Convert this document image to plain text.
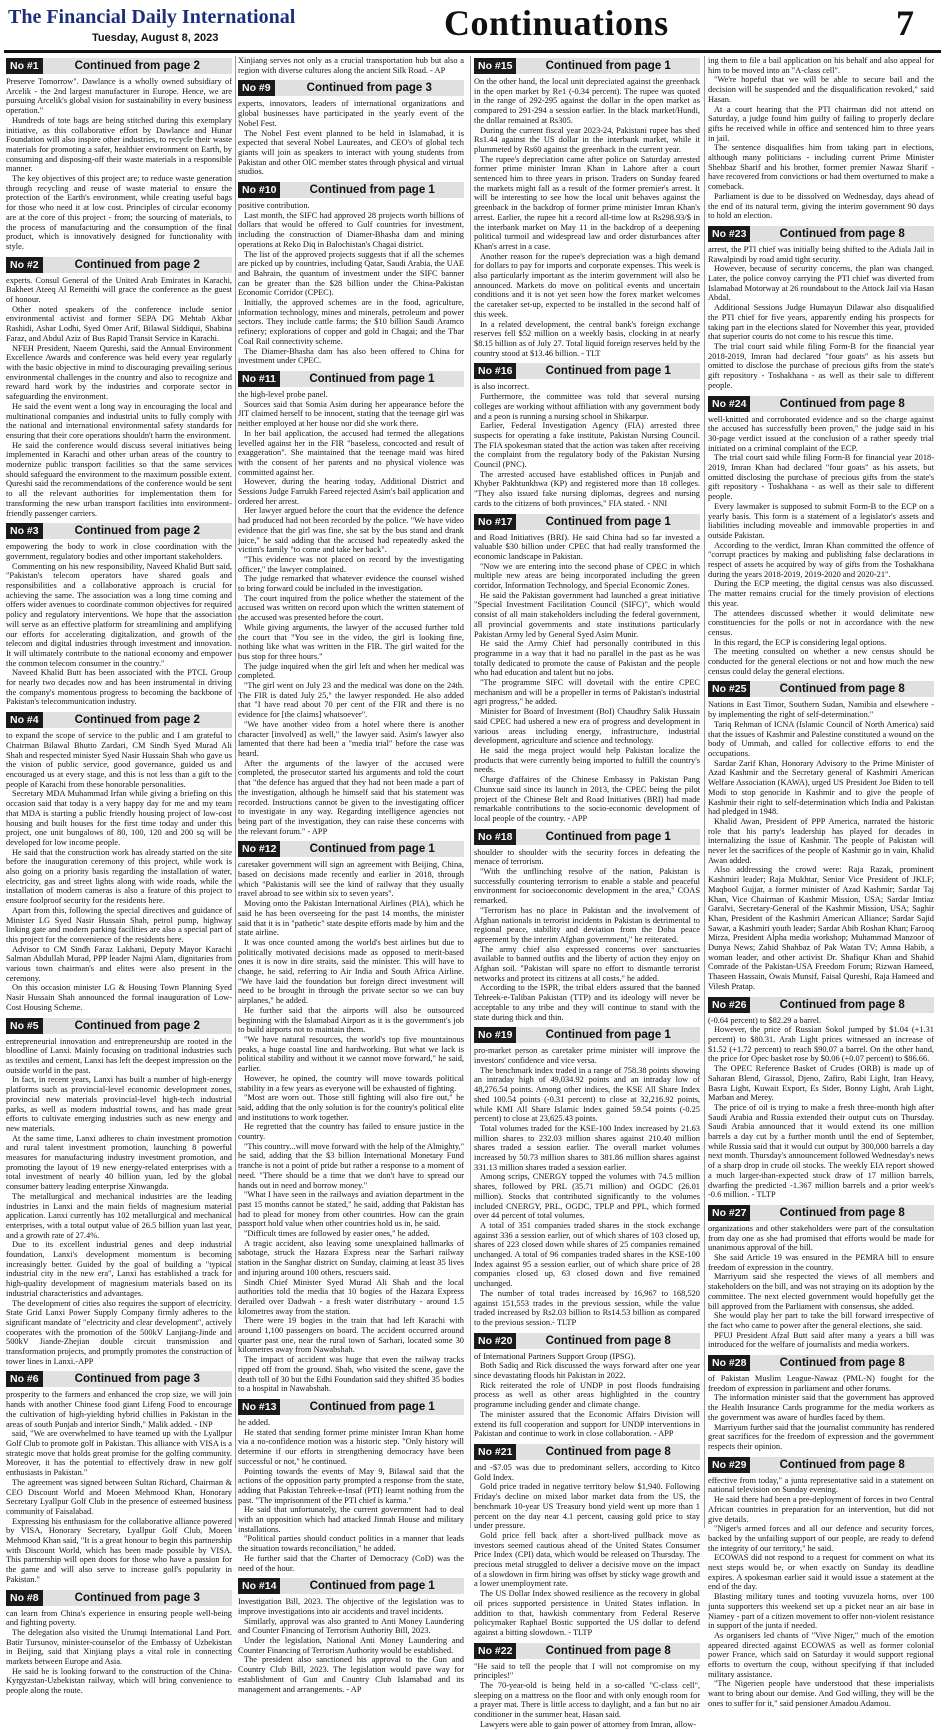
The Financial Daily International
Tuesday, August 8, 2023	Continuations	7
No #1	Continued from page 2

Preserve Tomorrow". Dawlance is a wholly owned subsidiary of Arcelik - the 2nd largest manufacturer in Europe. Hence, we are pursuing Arcelik's global vision for sustainability in every business operation."

Hundreds of tote bags are being stitched during this exemplary initiative, as this collaborative effort by Dawlance and Hunar Foundation will also inspire other industries, to recycle their waste materials for promoting a safer, healthier environment on Earth, by consuming and disposing-off their waste materials in a responsible manner.

The key objectives of this project are; to reduce waste generation through recycling and reuse of waste material to ensure the protection of the Earth's environment, while creating useful bags for those who need it at low cost. Principles of circular economy are at the core of this project - from; the sourcing of materials, to the process of manufacturing and the consumption of the final product, which is innovatively designed for functionality with style.

No #2	Continued from page 2

experts. Consul General of the United Arab Emirates in Karachi, Bakheet Ateeq Al Remeithi will grace the conference as the guest of honour.

Other noted speakers of the conference include senior environmental activist and former SEPA DG Mehtab Akbar Rashidi, Ashar Lodhi, Syed Omer Arif, Bilawal Siddiqui, Shabina Faraz, and Abdul Aziz of Bus Rapid Transit Service in Karachi.

NFEH President, Naeem Qureshi, said the Annual Environment Excellence Awards and conference was held every year regularly with the basic objective in mind to discouraging prevailing serious environmental challenges in the country and also to recognize and reward hard work by the industries and corporate sector in safeguarding the environment.

He said the event went a long way in encouraging the local and multinational companies and industrial units to fully comply with the national and international environmental safety standards for ensuring that their core operations shouldn't harm the environment.

He said the conference would discuss several initiatives being implemented in Karachi and other urban areas of the country to modernize public transport facilities so that the same services should safeguard the environment to the maximum possible extent. Qureshi said the recommendations of the conference would be sent to all the relevant authorities for implementation them for transforming the new urban transport facilities into environment-friendly passenger carriers.

No #3	Continued from page 2

empowering the body to work in close coordination with the government, regulatory bodies and other important stakeholders.

Commenting on his new responsibility, Naveed Khalid Butt said, "Pakistan's telecom operators have shared goals and responsibilities and a collaborative approach is crucial for achieving the same. The association was a long time coming and offers wider avenues to coordinate common objectives for required policy and regulatory interventions. We hope that the association will serve as an effective platform for streamlining and amplifying our efforts for accelerating digitalization, and growth of the telecom and digital industries through investment and innovation. It will ultimately contribute to the national economy and empower the common telecom consumer in the country."

Naveed Khalid Butt has been associated with the PTCL Group for nearly two decades now and has been instrumental in driving the company's momentous progress to becoming the backbone of Pakistan's telecommunication industry.

No #4	Continued from page 2

to expand the scope of service to the public and I am grateful to Chairman Bilawal Bhutto Zardari, CM Sindh Syed Murad Ali Shah and respected minister Syed Nasir Hussain Shah who gave us the vision of public service, good governance, guided us and encouraged us at every stage, and this is not less than a gift to the people of Karachi from these honorable personalities.

Secretary MDA Muhammad Irfan while giving a briefing on this occasion said that today is a very happy day for me and my team that MDA is starting a public friendly housing project of low-cost housing and built houses for the first time today and under this project, one unit bungalows of 80, 100, 120 and 200 sq will be developed for low income people.

He said that the construction work has already started on the site before the inauguration ceremony of this project, while work is also going on a priority basis regarding the installation of water, electricity, gas and street lights along with wide roads, while the installation of modern cameras is also a feature of this project to ensure foolproof security for the residents here.

Apart from this, following the special directives and guidance of Minister LG Syed Nasir Hussain Shah, petrol pump, highway linking gate and modern parking facilities are also a special part of this project for the convenience of the residents here.

Advisor to CM Sindh Faraz Lakhani, Deputy Mayor Karachi Salman Abdullah Murad, PPP leader Najmi Alam, dignitaries from various town chairman's and elites were also present in the ceremony.

On this occasion minister LG & Housing Town Planning Syed Nasir Hussain Shah announced the formal inauguration of Low-Cost Housing Scheme.

No #5	Continued from page 2

entrepreneurial innovation and entrepreneurship are rooted in the bloodline of Lanxi. Mainly focusing on traditional industries such as textiles and cement, Lanxi has left the deepest impression on the outside world in the past.

In fact, in recent years, Lanxi has built a number of high-energy platforms such as provincial-level economic development zones, provincial new materials provincial-level high-tech industrial parks, as well as modern industrial towns, and has made great efforts to cultivate emerging industries such as new energy and new materials.

At the same time, Lanxi adheres to chain investment promotion and rural talent investment promotion, launching 8 powerful measures for manufacturing industry investment promotion, and promoting the layout of 19 new energy-related enterprises with a total investment of nearly 40 billion yuan, led by the global consumer battery leading enterprise Xinwangda.

The metallurgical and mechanical industries are the leading industries in Lanxi and the main fields of magnesium material application. Lanxi currently has 102 metallurgical and mechanical enterprises, with a total output value of 26.5 billion yuan last year, and a growth rate of 27.4%.

Due to its excellent industrial genes and deep industrial foundation, Lanxi's development momentum is becoming increasingly better. Guided by the goal of building a "typical industrial city in the new era", Lanxi has established a track for high-quality development of magnesium materials based on its industrial characteristics and advantages.

The development of cities also requires the support of electricity. State Grid Lanxi Power Supply Company firmly adheres to the significant mandate of "electricity and clear development", actively cooperates with the promotion of the 500kV Lanjiang-Jinde and 500kV Jiande-Zhejian double circuit transmission and transformation projects, and promptly promotes the construction of tower lines in Lanxi.-APP

No #6	Continued from page 3

prosperity to the farmers and enhanced the crop size, we will join hands with another Chinese food giant Lifeng Food to encourage the cultivation of high-yielding hybrid chillies in Pakistan in the areas of south Punjab and interior Sindh," Malik added. - INP

said, "We are overwhelmed to have teamed up with the Lyallpur Golf Club to promote golf in Pakistan. This alliance with VISA is a strategic move that holds great promise for the golfing community. Moreover, it has the potential to effectively draw in new golf enthusiasts in Pakistan."

The agreement was signed between Sultan Richard, Chairman & CEO Discount World and Moeen Mehmood Khan, Honorary Secretary Lyallpur Golf Club in the presence of esteemed business community of Faisalabad.

Expressing his enthusiasm for the collaborative alliance powered by VISA, Honorary Secretary, Lyallpur Golf Club, Moeen Mehmood Khan said, "It is a great honour to begin this partnership with Discount World, which has been made possible by VISA. This partnership will open doors for those who have a passion for the game and will also serve to increase golf's popularity in Pakistan."

No #8	Continued from page 3

can learn from China's experience in ensuring people well-being and fighting poverty.

The delegation also visited the Urumqi International Land Port. Batir Tursunov, minister-counselor of the Embassy of Uzbekistan in Beijing, said that Xinjiang plays a vital role in connecting markets between Europe and Asia.

He said he is looking forward to the construction of the China-Kyrgyzstan-Uzbekistan railway, which will bring convenience to people along the route.

Xinjiang serves not only as a crucial transportation hub but also a region with diverse cultures along the ancient Silk Road. - AP

No #9	Continued from page 3

experts, innovators, leaders of international organizations and global businesses have participated in the yearly event of the Nobel Fest.

The Nobel Fest event planned to be held in Islamabad, it is expected that several Nobel Laureates, and CEO's of global tech giants will join as speakers to interact with young students from Pakistan and other OIC member states through physical and virtual studios.

No #10	Continued from page 1

positive contribution.

Last month, the SIFC had approved 28 projects worth billions of dollars that would be offered to Gulf countries for investment, including the construction of Diamer-Bhasha dam and mining operations at Reko Diq in Balochistan's Chagai district.

The list of the approved projects suggests that if all the schemes are picked up by countries, including Qatar, Saudi Arabia, the UAE and Bahrain, the quantum of investment under the SIFC banner can be greater than the $28 billion under the China-Pakistan Economic Corridor (CPEC).

Initially, the approved schemes are in the food, agriculture, information technology, mines and minerals, petroleum and power sectors. They include cattle farms; the $10 billion Saudi Aramco refinery; explorations of copper and gold in Chagai; and the Thar Coal Rail connectivity scheme.

The Diamer-Bhasha dam has also been offered to China for investment under CPEC.

No #11	Continued from page 1

the high-level probe panel.

Sources said that Somia Asim during her appearance before the JIT claimed herself to be innocent, stating that the teenage girl was neither employed at her house nor did she work there.

In her bail application, the accused had termed the allegations levelled against her in the FIR "baseless, concocted and result of exaggeration". She maintained that the teenage maid was hired with the consent of her parents and no physical violence was committed against her.

However, during the hearing today, Additional District and Sessions Judge Farrukh Fareed rejected Asim's bail application and ordered her arrest.

Her lawyer argued before the court that the evidence the defence had produced had not been recorded by the police. "We have video evidence that the girl was fine, she sat by the bus stand and drank juice," he said adding that the accused had repeatedly asked the victim's family "to come and take her back".

"This evidence was not placed on record by the investigating officer," the lawyer complained.

The judge remarked that whatever evidence the counsel wished to bring forward could be included in the investigation.

The court inquired from the police whether the statement of the accused was written on record upon which the written statement of the accused was presented before the court.

While giving arguments, the lawyer of the accused further told the court that "You see in the video, the girl is looking fine, nothing like what was written in the FIR. The girl waited for the bus stop for three hours."

The judge inquired when the girl left and when her medical was completed.

"The girl went on July 23 and the medical was done on the 24th. The FIR is dated July 25," the lawyer responded. He also added that "I have read about 70 per cent of the FIR and there is no evidence for [the claims] whatsoever".

"We have another video from a hotel where there is another character [involved] as well," the lawyer said. Asim's lawyer also lamented that there had been a "media trial" before the case was heard.

After the arguments of the lawyer of the accused were completed, the prosecutor started his arguments and told the court that "the defence has argued that they had not been made a part of the investigation, although he himself said that his statement was recorded. Instructions cannot be given to the investigating officer to investigate in any way. Regarding intelligence agencies not being part of the investigation, they can raise these concerns with the relevant forum." - APP

No #12	Continued from page 1

caretaker government will sign an agreement with Beijing, China, based on decisions made recently and earlier in 2018, through which "Pakistanis will see the kind of railway that they usually travel abroad to see within six to seven years".

Moving onto the Pakistan International Airlines (PIA), which he said he has been overseeing for the past 14 months, the minister said that it is in "pathetic" state despite efforts made by him and the state airline.

It was once counted among the world's best airlines but due to politically motivated decisions made as opposed to merit-based ones it is now in dire straits, said the minister. This will have to change, he said, referring to Air India and South Africa Airline. "We have laid the foundation but foreign direct investment will need to be brought in through the private sector so we can buy airplanes," he added.

He further said that the airports will also be outsourced beginning with the Islamabad Airport as it is the government's job to build airports not to maintain them.

"We have natural resources, the world's top five mountainous peaks, a huge coastal line and hardworking. But what we lack is political stability and without it we cannot move forward," he said, earlier.

However, he opined, the country will move towards political stability in a few years as everyone will be exhausted of fighting.

"Most are worn out. Those still fighting will also fire out," he said, adding that the only solution is for the country's political elite and institutions to work together.

He regretted that the country has failed to ensure justice in the country.

"This country...will move forward with the help of the Almighty," he said, adding that the $3 billion International Monetary Fund tranche is not a point of pride but rather a response to a moment of need. "There should be a time that we don't have to spread our hands out in need and borrow money."

"What I have seen in the railways and aviation department in the past 15 months cannot be stated," he said, adding that Pakistan has had to plead for money from other countries. How can the grain passport hold value when other countries hold us in, he said.

"Difficult times are followed by easier ones," he added.

A tragic accident, also leaving some unexplained hallmarks of sabotage, struck the Hazara Express near the Sarhari railway station in the Sanghar district on Sunday, claiming at least 35 lives and injuring around 100 others, rescuers said.

Sindh Chief Minister Syed Murad Ali Shah and the local authorities told the media that 10 bogies of the Hazara Express derailed over Dadwah - a fresh water distributary - around 1.5 kilometres away from the station.

There were 19 bogies in the train that had left Karachi with around 1,100 passengers on board. The accident occurred around quarter past one, near the rural town of Sarhari, located some 30 kilometres away from Nawabshah.

The impact of accident was huge that even the railway tracks ripped off from the ground. Shah, who visited the scene, gave the death toll of 30 but the Edhi Foundation said they shifted 35 bodies to a hospital in Nawabshah.

No #13	Continued from page 1

he added.

He stated that sending former prime minister Imran Khan home via a no-confidence motion was a historic step. "Only history will determine if our efforts in strengthening democracy have been successful or not," he continued.

Pointing towards the events of May 9, Bilawal said that the actions of the opposition party prompted a response from the state, adding that Pakistan Tehreek-e-Insaf (PTI) learnt nothing from the past. "The imprisonment of the PTI chief is karma."

He said that unfortunately, the current government had to deal with an opposition which had attacked Jinnah House and military installations.

"Political parties should conduct politics in a manner that leads the situation towards reconciliation," he added.

He further said that the Charter of Democracy (CoD) was the need of the hour.

No #14	Continued from page 1

Investigation Bill, 2023. The objective of the legislation was to improve investigations into air accidents and travel incidents.

Similarly, approval was also granted to Anti Money Laundering and Counter Financing of Terrorism Authority Bill, 2023.

Under the legislation, National Anti Money Laundering and Counter Financing of Terrorism Authority would be established.

The president also sanctioned his approval to the Gun and Country Club Bill, 2023. The legislation would pave way for establishment of Gun and Country Club Islamabad and its management and arrangements. - AP

No #15	Continued from page 1

On the other hand, the local unit depreciated against the greenback in the open market by Re1 (-0.34 percent). The rupee was quoted in the range of 292-295 against the dollar in the open market as compared to 291-294 a session earlier. In the black market/Hundi, the dollar remained at Rs305.

During the current fiscal year 2023-24, Pakistani rupee has shed Rs1.44 against the US dollar in the interbank market, while it plummeted by Rs60 against the greenback in the current year.

The rupee's depreciation came after police on Saturday arrested former prime minister Imran Khan in Lahore after a court sentenced him to three years in prison. Traders on Sunday feared the markets might fall as a result of the former premier's arrest. It will be interesting to see how the local unit behaves against the greenback in the backdrop of former prime minister Imran Khan's arrest. Earlier, the rupee hit a record all-time low at Rs298.93/$ in the interbank market on May 11 in the backdrop of a deepening political turmoil and widespread law and order disturbances after Khan's arrest in a case.

Another reason for the rupee's depreciation was a high demand for dollars to pay for imports and corporate expenses. This week is also particularly important as the interim government will also be announced. Markets do move on political events and uncertain conditions and it is not yet seen how the forex market welcomes the caretaker set-up, expected to be installed in the second half of this week.

In a related development, the central bank's foreign exchange reserves fell $52 million on a weekly basis, clocking in at nearly $8.15 billion as of July 27. Total liquid foreign reserves held by the country stood at $13.46 billion. - TLT

No #16	Continued from page 1

is also incorrect.

Furthermore, the committee was told that several nursing colleges are working without affiliation with any government body and a peon is running a nursing school in Shikarpur.

Earlier, Federal Investigation Agency (FIA) arrested three suspects for operating a fake institute, Pakistan Nursing Council. The FIA spokesman stated that the action was taken after receiving the complaint from the regulatory body of the Pakistan Nursing Council (PNC).

The arrested accused have established offices in Punjab and Khyber Pakhtunkhwa (KP) and registered more than 18 colleges. "They also issued fake nursing diplomas, degrees and nursing cards to the citizens of both provinces," FIA stated. - NNI

No #17	Continued from page 1

and Road Initiatives (BRI). He said China had so far invested a valuable $30 billion under CPEC that had really transformed the economic landscape in Pakistan.

"Now we are entering into the second phase of CPEC in which multiple new areas are being incorporated including the green corridor, Information Technology, and Special Economic Zones.

He said the Pakistan government had launched a great initiative "Special Investment Facilitation Council (SIFC)", which would consist of all main stakeholders including the federal government, all provincial governments and state institutions particularly Pakistan Army led by General Syed Asim Munir.

He said the Army Chief had personally contributed in this programme in a way that it had no parallel in the past as he was totally dedicated to promote the cause of Pakistan and the people who had education and talent but no jobs.

"The programme SIFC will dovetail with the entire CPEC mechanism and will be a propeller in terms of Pakistan's industrial agri progress," he added.

Minister for Board of Investment (BoI) Chaudhry Salik Hussain said CPEC had ushered a new era of progress and development in various areas including energy, infrastructure, industrial development, agriculture and science and technology.

He said the mega project would help Pakistan localize the products that were currently being imported to fulfill the country's needs.

Charge d'affaires of the Chinese Embassy in Pakistan Pang Chunxue said since its launch in 2013, the CPEC being the pilot project of the Chinese Belt and Road Initiatives (BRI) had made remarkable contributions to the socio-economic development of local people of the country. - APP

No #18	Continued from page 1

shoulder to shoulder with the security forces in defeating the menace of terrorism.

"With the unflinching resolve of the nation, Pakistan is successfully countering terrorism to enable a stable and peaceful environment for socioeconomic development in the area," COAS remarked.

"Terrorism has no place in Pakistan and the involvement of Afghan nationals in terrorist incidents in Pakistan is detrimental to regional peace, stability and deviation from the Doha peace agreement by the interim Afghan government," he reiterated.

The army chief also expressed concerns over sanctuaries available to banned outfits and the liberty of action they enjoy on Afghan soil. "Pakistan will spare no effort to dismantle terrorist networks and protect its citizens at all costs," he added.

According to the ISPR, the tribal elders assured that the banned Tehreek-e-Taliban Pakistan (TTP) and its ideology will never be acceptable to any tribe and they will continue to stand with the state during thick and thin.

No #19	Continued from page 1

pro-market person as caretaker prime minister will improve the investors' confidence and vice versa.

The benchmark index traded in a range of 758.38 points showing an intraday high of 49,034.92 points and an intraday low of 48,276.54 points. Among other indices, the KSE All Share Index shed 100.54 points (-0.31 percent) to close at 32,216.92 points, while KMI All Share Islamic Index gained 59.54 points (-0.25 percent) to close at 23,625.43 points.

Total volumes traded for the KSE-100 Index increased by 21.63 million shares to 232.03 million shares against 210.40 million shares traded a session earlier. The overall market volumes increased by 50.73 million shares to 381.86 million shares against 331.13 million shares traded a session earlier.

Among scrips, CNERGY topped the volumes with 74.5 million shares, followed by PRL (35.71 million) and OGDC (26.01 million). Stocks that contributed significantly to the volumes included CNERGY, PRL, OGDC, TPLP and PPL, which formed over 44 percent of total volumes.

A total of 351 companies traded shares in the stock exchange against 336 a session earlier, out of which shares of 103 closed up, shares of 223 closed down while shares of 25 companies remained unchanged. A total of 96 companies traded shares in the KSE-100 Index against 95 a session earlier, out of which share price of 28 companies closed up, 63 closed down and five remained unchanged.

The number of total trades increased by 16,967 to 168,520 against 151,553 trades in the previous session, while the value traded increased by Rs2.03 billion to Rs14.53 billion as compared to the previous session.- TLTP

No #20	Continued from page 8

of International Partners Support Group (IPSG).

Both Sadiq and Rick discussed the ways forward after one year since devastating floods hit Pakistan in 2022.

Rick reiterated the role of UNDP in post floods fundraising process as well as other areas highlighted in the country programme including gender and climate change.

The minister assured that the Economic Affairs Division will extend its full cooperation and support for UNDP interventions in Pakistan and continue to work in close collaboration. - APP

No #21	Continued from page 8

and -$7.05 was due to predominant sellers, according to Kitco Gold Index.

Gold price traded in negative territory below $1,940. Following Friday's decline on mixed labor market data from the US, the benchmark 10-year US Treasury bond yield went up more than 1 percent on the day near 4.1 percent, causing gold price to stay under pressure.

Gold price fell back after a short-lived pullback move as investors seemed cautious ahead of the United States Consumer Price Index (CPI) data, which would be released on Thursday. The precious metal struggled to deliver a decisive move on the impact of a slowdown in firm hiring was offset by sticky wage growth and a lower unemployment rate.

The US Dollar Index showed resilience as the recovery in global oil prices supported persistence in United States inflation. In addition to that, hawkish commentary from Federal Reserve policymaker Raphael Bostic supported the US dollar to defend against a bitting slowdown. - TLTP

No #22	Continued from page 8

"He said to tell the people that I will not compromise on my principles!"

The 70-year-old is being held in a so-called "C-class cell", sleeping on a mattress on the floor and with only enough room for a prayer mat. There is little access to daylight, and a fan but no air conditioner in the summer heat, Hasan said.

Lawyers were able to gain power of attorney from Imran, allow-

ing them to file a bail application on his behalf and also appeal for him to be moved into an "A-class cell".

"We're hopeful that we will be able to secure bail and the decision will be suspended and the disqualification revoked," said Hasan.

At a court hearing that the PTI chairman did not attend on Saturday, a judge found him guilty of failing to properly declare gifts he received while in office and sentenced him to three years in jail.

The sentence disqualifies him from taking part in elections, although many politicians - including current Prime Minister Shehbaz Sharif and his brother, former premier Nawaz Sharif - have recovered from convictions or had them overturned to make a comeback.

Parliament is due to be dissolved on Wednesday, days ahead of the end of its natural term, giving the interim government 90 days to hold an election.

No #23	Continued from page 8

arrest, the PTI chief was initially being shifted to the Adiala Jail in Rawalpindi by road amid tight security.

However, because of security concerns, the plan was changed. Later, the police convoy carrying the PTI chief was diverted from Islamabad Motorway at 26 roundabout to the Attock Jail via Hasan Abdal.

Additional Sessions Judge Humayun Dilawar also disqualified the PTI chief for five years, apparently ending his prospects for taking part in the elections slated for November this year, provided that superior courts do not come to his rescue this time.

The trial court said while filing Form-B for the financial year 2018-2019, Imran had declared "four goats" as his assets but omitted to disclose the purchase of precious gifts from the state's gift repository - Toshakhana - as well as their sale to different people.

No #24	Continued from page 8

well-knitted and corroborated evidence and so the charge against the accused has successfully been proven," the judge said in his 30-page verdict issued at the conclusion of a rather speedy trial initiated on a criminal complaint of the ECP.

The trial court said while filing Form-B for financial year 2018-2019, Imran Khan had declared "four goats" as his assets, but omitted disclosing the purchase of precious gifts from the state's gift repository - Toshakhana - as well as their sale to different people.

Every lawmaker is supposed to submit Form-B to the ECP on a yearly basis. This form is a statement of a legislator's assets and liabilities including moveable and immovable properties in and outside Pakistan.

According to the verdict, Imran Khan committed the offence of "corrupt practices by making and publishing false declarations in respect of assets he acquired by way of gifts from the Toshakhana during the years 2018-2019, 2019-2020 and 2020-21".

During the ECP meeting, the digital census was also discussed. The matter remains crucial for the timely provision of elections this year.

The attendees discussed whether it would delimitate new constituencies for the polls or not in accordance with the new census.

In this regard, the ECP is considering legal options.

The meeting consulted on whether a new census should be conducted for the general elections or not and how much the new census could delay the general elections.

No #25	Continued from page 8

Nations in East Timor, Southern Sudan, Namibia and elsewhere - by implementing the right of self-determination."

Tariq Rehman of ICNA (Islamic Council of North America) said that the issues of Kashmir and Palestine constituted a wound on the body of Ummah, and called for collective efforts to end the occupations.

Sardar Zarif Khan, Honorary Advisory to the Prime Minister of Azad Kashmir and the Secretary general of Kashmiri American Welfare Association (KAWA), urged US President Joe Biden to tell Modi to stop genocide in Kashmir and to give the people of Kashmir their right to self-determination which India and Pakistan had pledged in 1948.

Khalid Awan, President of PPP America, narrated the historic role that his party's leadership has played for decades in internalizing the issue of Kashmir. The people of Pakistan will never let the sacrifices of the people of Kashmir go in vain, Khalid Awan added.

Also addressing the crowd were: Raja Razak, prominent Kashmiri leader; Raja Mukhtar, Senior Vice President of JKLF; Maqbool Gujjar, a former minister of Azad Kashmir; Sardar Taj Khan, Vice Chairman of Kashmir Mission, USA; Sardar Imtiaz Garalvi, Secretary-General of the Kashmir Mission, USA; Saghir Khan, President of the Kashmiri American Alliance; Sardar Sajid Sawar, a Kashmiri youth leader; Sardar Abib Roshan Khan; Farooq Mirza, President Alpha media workshop; Muhammad Manzoor of Dunya News; Zahid Shahbaz of Pak Watan TV; Amna Habib, a woman leader, and other activist Dr. Shafiqur Khan and Shahid Comrade of the Pakistan-USA Freedom Forum; Rizwan Hameed, Thaseen Hassain, Owais Munsif, Faisal Qureshi, Raja Hameed and Vilesh Pratap.

No #26	Continued from page 8

(-0.64 percent) to $82.29 a barrel.

However, the price of Russian Sokol jumped by $1.04 (+1.31 percent) to $80.31. Arab Light prices witnessed an increase of $1.52 (+1.72 percent) to reach $90.07 a barrel. On the other hand, the price for Opec basket rose by $0.06 (+0.07 percent) to $86.66.

The OPEC Reference Basket of Crudes (ORB) is made up of Saharan Blend, Girassol, Djeno, Zafiro, Rabi Light, Iran Heavy, Basra Light, Kuwait Export, Es Sider, Bonny Light, Arab Light, Marban and Merey.

The price of oil is trying to make a fresh three-month high after Saudi Arabia and Russia extended their output cuts on Thursday. Saudi Arabia announced that it would extend its one million barrels a day cut by a further month until the end of September, while Russia said that it would cut output by 300,000 barrels a day next month. Thursday's announcement followed Wednesday's news of a sharp drop in crude oil stocks. The weekly EIA report showed a much larger-than-expected stock draw of 17 million barrels, dwarfing the predicted -1.367 million barrels and a prior week's -0.6 million. - TLTP

No #27	Continued from page 8

organizations and other stakeholders were part of the consultation from day one as she had promised that efforts would be made for unanimous approval of the bill.

She said Article 19 was ensured in the PEMRA bill to ensure freedom of expression in the country.

Marriyum said she respected the views of all members and stakeholders on the bill, and was not straying on its adoption by the committee. The next elected government would hopefully get the bill approved from the Parliament with consensus, she added.

She would play her part to take the bill forward irrespective of the fact who came to power after the general elections, she said.

PFUJ President Afzal Butt said after many a years a bill was introduced for the welfare of journalists and media workers.

No #28	Continued from page 8

of Pakistan Muslim League-Nawaz (PML-N) fought for the freedom of expression in parliament and other forums.

The information minister said that the government has approved the Health Insurance Cards programme for the media workers as the government was aware of hurdles faced by them.

Marriyum further said that the journalist community has rendered great sacrifices for the freedom of expression and the government respects their opinion.

No #29	Continued from page 8

effective from today," a junta representative said in a statement on national television on Sunday evening.

He said there had been a pre-deployment of forces in two Central African countries in preparation for an intervention, but did not give details.

"Niger's armed forces and all our defence and security forces, backed by the unfailing support of our people, are ready to defend the integrity of our territory," he said.

ECOWAS did not respond to a request for comment on what its next steps would be, or when exactly on Sunday its deadline expires. A spokesman earlier said it would issue a statement at the end of the day.

Blasting military tunes and tooting vuvuzela horns, over 100 junta supporters this weekend set up a picket near an air base in Niamey - part of a citizen movement to offer non-violent resistance in support of the junta if needed.

As organisers led chants of "Vive Niger," much of the emotion appeared directed against ECOWAS as well as former colonial power France, which said on Saturday it would support regional efforts to overturn the coup, without specifying if that included military assistance.

"The Nigerien people have understood that these imperialists want to bring about our demise. And God willing, they will be the ones to suffer for it," said pensioner Amadou Adamou.
